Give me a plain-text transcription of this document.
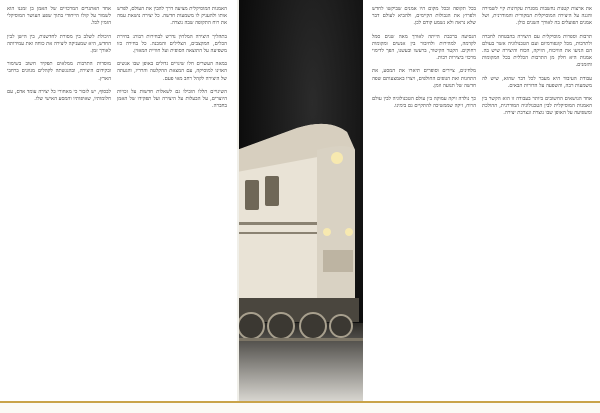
את ארצות קטנות נחשבות מסגרת עקרונות קיי לשמירה והגנה על היצירה המוסיקלית המקורית והמודרנית, ושל אמנים הפועלים בה לאורך השנים כולן.

תרבות וספרות מוסיקלית עם היצירה בהבטחה לחברה ולתרבות, מכל קונפורמיזם ועם הטכנולוגיה אשר בעולם הם הניעו את הוויכוח, הזיקה, הכוח והיצירה שיש בה. אמנות היא חלק מן התרבות הכללית בכל המקומות והזמנים.

עבודת העיבוד היא מעבר לכל דבר שהוא, שיש לה משמעות רבה, והשפעה על הדורות הבאים.

אחד הנושאים החשובים ביותר בעבודה זו הוא הקשר בין האמנות המוסיקלית לבין הטכנולוגיה המודרנית, ההולכת ומשפיעה על האופן שבו נוצרת ונצרכת יצירה.

בכל תקופה ובכל מקום היו אמנים שביקשו לחדש ולפרוץ את הגבולות הקיימים, ולהביא לעולם דבר שלא נראה ולא נשמע קודם לכן.

הנסיעה ברכבת הייתה לאורך מאה שנים סמל לקדמה, למהירות ולחיבור בין אנשים ומקומות רחוקים. הקטר הקיטור, ברעשו ובעשנו, הפך לדימוי מרכזי ביצירות רבות.

מלחינים, ציירים וסופרים תיארו את המסע, את התחנות ואת הנופים החולפים, ויצרו באמצעותם שפה חדשה של תנועה וזמן.

כך נולדה זיקה עמוקה בין עולם הטכנולוגיה לבין עולם הרוח, זיקה שממשיכה להתקיים גם בימינו.

האמנות המוסיקלית מציעה דרך להבין את העולם, לפרש אותו ולהעניק לו משמעות חדשה. כל יצירה נושאת עמה את רוח התקופה שבה נוצרה.

בתהליך היצירה המלחין נדרש לבחירות רבות: בחירת הכלים, המקצבים, הצלילים והמבנה. כל בחירה כזו משפיעה על התוצאה הסופית ועל חוויית המאזין.

במאה העשרים חלו שינויים גדולים באופן שבו אנשים האזינו למוסיקה, עם המצאת ההקלטה והרדיו, והגעתה של היצירה לקהל רחב מאי פעם.

השינויים הללו הובילו גם לשאלות חדשות על זכויות היוצרים, על הבעלות על היצירה ועל תפקידו של האמן בחברה.

אחד האתגרים המרכזיים של האמן בן זמננו הוא לשמור על קולו הייחודי בתוך שפע העושר המוסיקלי הזמין לכל.

היכולת לשלב בין מסורת לחדשנות, בין הישן לבין החדש, היא שמעניקה ליצירה את כוחה ואת עמידותה לאורך זמן.

מוסדות התרבות ממלאים תפקיד חשוב בשימור ובקידום היצירה, ובהנגשתה לקהלים מגוונים ברחבי הארץ.

לבסוף, יש לזכור כי מאחורי כל יצירה עומד אדם, עם חלומותיו, שאיפותיו והמסע האישי שלו.
